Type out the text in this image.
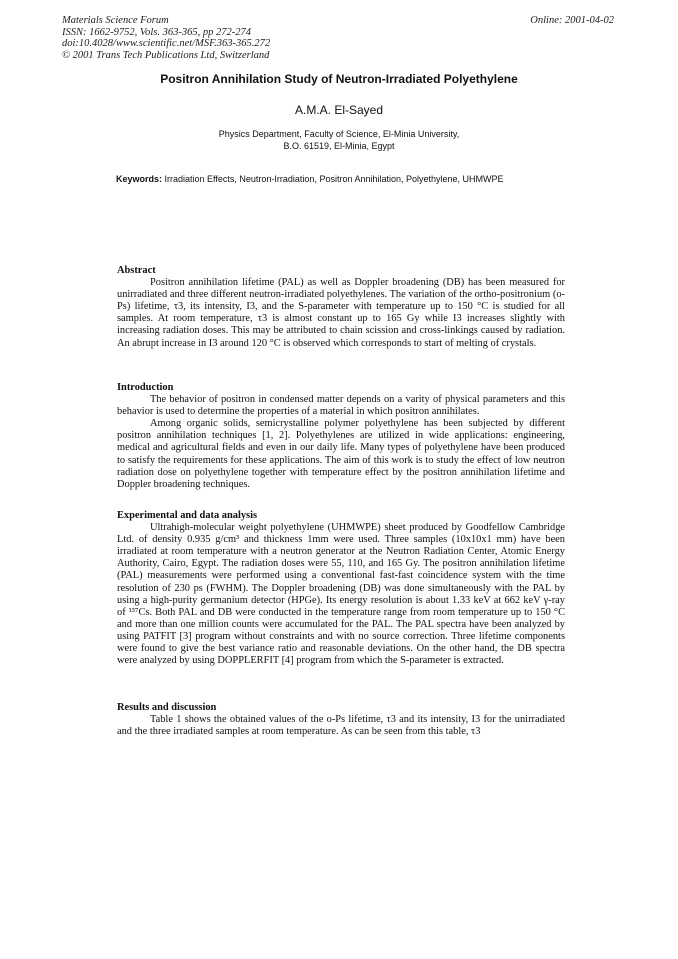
Materials Science Forum
ISSN: 1662-9752, Vols. 363-365, pp 272-274
doi:10.4028/www.scientific.net/MSF.363-365.272
© 2001 Trans Tech Publications Ltd, Switzerland
Online: 2001-04-02
Positron Annihilation Study of Neutron-Irradiated Polyethylene
A.M.A. El-Sayed
Physics Department, Faculty of Science, El-Minia University,
B.O. 61519, El-Minia, Egypt
Keywords: Irradiation Effects, Neutron-Irradiation, Positron Annihilation, Polyethylene, UHMWPE
Abstract

Positron annihilation lifetime (PAL) as well as Doppler broadening (DB) has been measured for unirradiated and three different neutron-irradiated polyethylenes. The variation of the ortho-positronium (o-Ps) lifetime, τ3, its intensity, I3, and the S-parameter with temperature up to 150 °C is studied for all samples. At room temperature, τ3 is almost constant up to 165 Gy while I3 increases slightly with increasing radiation doses. This may be attributed to chain scission and cross-linkings caused by radiation. An abrupt increase in I3 around 120 °C is observed which corresponds to start of melting of crystals.

Introduction

The behavior of positron in condensed matter depends on a varity of physical parameters and this behavior is used to determine the properties of a material in which positron annihilates.

Among organic solids, semicrystalline polymer polyethylene has been subjected by different positron annihilation techniques [1, 2]. Polyethylenes are utilized in wide applications: engineering, medical and agricultural fields and even in our daily life. Many types of polyethylene have been produced to satisfy the requirements for these applications. The aim of this work is to study the effect of low neutron radiation dose on polyethylene together with temperature effect by the positron annihilation lifetime and Doppler broadening techniques.

Experimental and data analysis

Ultrahigh-molecular weight polyethylene (UHMWPE) sheet produced by Goodfellow Cambridge Ltd. of density 0.935 g/cm³ and thickness 1mm were used. Three samples (10x10x1 mm) have been irradiated at room temperature with a neutron generator at the Neutron Radiation Center, Atomic Energy Authority, Cairo, Egypt. The radiation doses were 55, 110, and 165 Gy. The positron annihilation lifetime (PAL) measurements were performed using a conventional fast-fast coincidence system with the time resolution of 230 ps (FWHM). The Doppler broadening (DB) was done simultaneously with the PAL by using a high-purity germanium detector (HPGe). Its energy resolution is about 1.33 keV at 662 keV γ-ray of ¹³⁷Cs. Both PAL and DB were conducted in the temperature range from room temperature up to 150 °C and more than one million counts were accumulated for the PAL. The PAL spectra have been analyzed by using PATFIT [3] program without constraints and with no source correction. Three lifetime components were found to give the best variance ratio and reasonable deviations. On the other hand, the DB spectra were analyzed by using DOPPLERFIT [4] program from which the S-parameter is extracted.

Results and discussion

Table 1 shows the obtained values of the o-Ps lifetime, τ3 and its intensity, I3 for the unirradiated and the three irradiated samples at room temperature. As can be seen from this table, τ3
